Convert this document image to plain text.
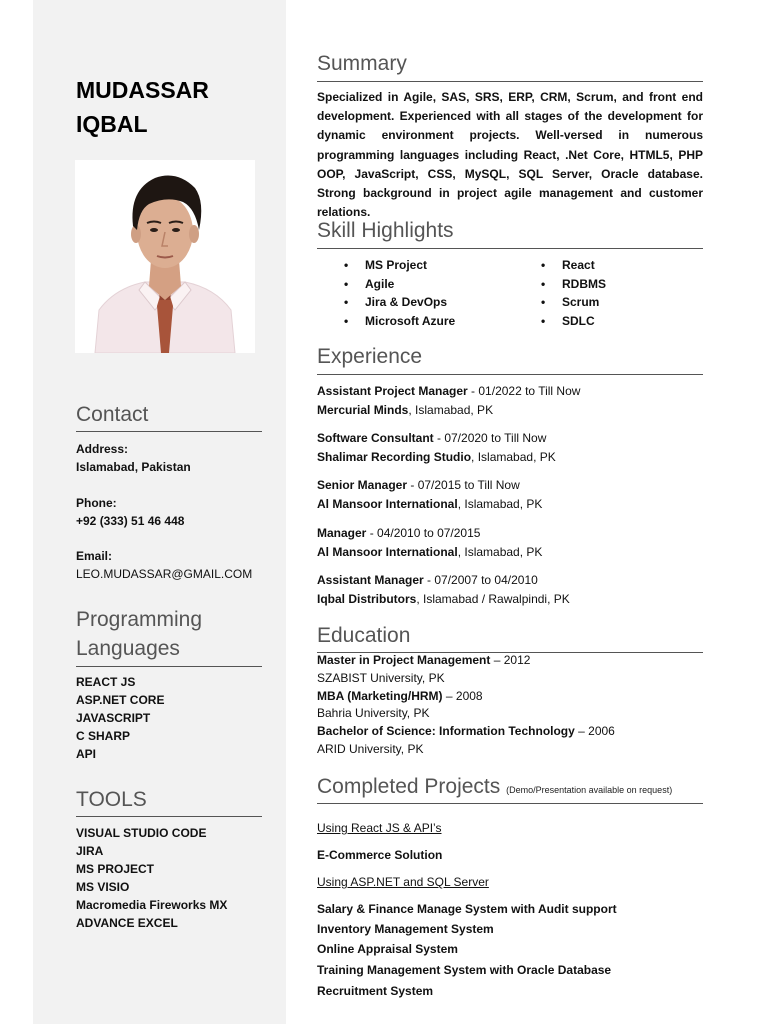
MUDASSAR
IQBAL
Contact
Address:
Islamabad, Pakistan
Phone:
+92 (333) 51 46 448
Email:
LEO.MUDASSAR@GMAIL.COM
Programming
Languages
REACT JS
ASP.NET CORE
JAVASCRIPT
C SHARP
API
TOOLS
VISUAL STUDIO CODE
JIRA
MS PROJECT
MS VISIO
Macromedia Fireworks MX
ADVANCE EXCEL
Summary
Specialized in Agile, SAS, SRS, ERP, CRM, Scrum, and front end development. Experienced with all stages of the development for dynamic environment projects. Well-versed in numerous programming languages including React, .Net Core, HTML5, PHP OOP, JavaScript, CSS, MySQL, SQL Server, Oracle database. Strong background in project agile management and customer relations.
Skill Highlights
• MS Project
• Agile
• Jira & DevOps
• Microsoft Azure
• React
• RDBMS
• Scrum
• SDLC
Experience
Assistant Project Manager - 01/2022 to Till Now
Mercurial Minds, Islamabad, PK
Software Consultant - 07/2020 to Till Now
Shalimar Recording Studio, Islamabad, PK
Senior Manager - 07/2015 to Till Now
Al Mansoor International, Islamabad, PK
Manager - 04/2010 to 07/2015
Al Mansoor International, Islamabad, PK
Assistant Manager - 07/2007 to 04/2010
Iqbal Distributors, Islamabad / Rawalpindi, PK
Education
Master in Project Management – 2012
SZABIST University, PK
MBA (Marketing/HRM) – 2008
Bahria University, PK
Bachelor of Science: Information Technology – 2006
ARID University, PK
Completed Projects (Demo/Presentation available on request)
Using React JS & API’s
E-Commerce Solution
Using ASP.NET and SQL Server
Salary & Finance Manage System with Audit support
Inventory Management System
Online Appraisal System
Training Management System with Oracle Database
Recruitment System
